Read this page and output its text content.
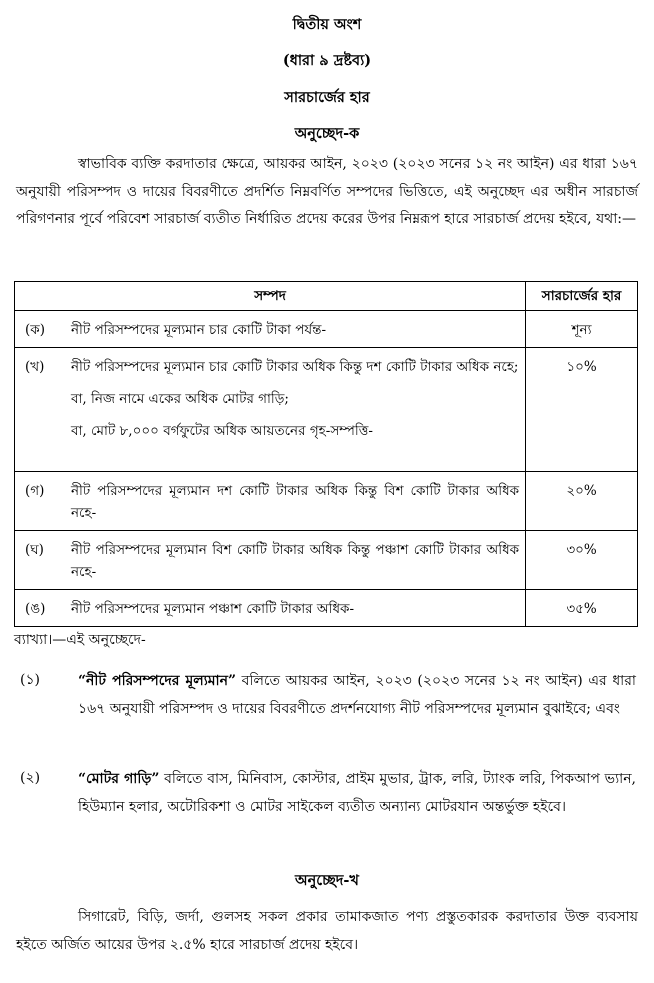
দ্বিতীয় অংশ
(ধারা ৯ দ্রষ্টব্য)
সারচার্জের হার
অনুচ্ছেদ-ক
স্বাভাবিক ব্যক্তি করদাতার ক্ষেত্রে, আয়কর আইন, ২০২৩ (২০২৩ সনের ১২ নং আইন) এর ধারা ১৬৭ অনুযায়ী পরিসম্পদ ও দায়ের বিবরণীতে প্রদর্শিত নিম্নবর্ণিত সম্পদের ভিত্তিতে, এই অনুচ্ছেদ এর অধীন সারচার্জ পরিগণনার পূর্বে পরিবেশ সারচার্জ ব্যতীত নির্ধারিত প্রদেয় করের উপর নিম্নরূপ হারে সারচার্জ প্রদেয় হইবে, যথা:—
সম্পদ	সারচার্জের হার

(ক) নীট পরিসম্পদের মূল্যমান চার কোটি টাকা পর্যন্ত-	শূন্য

(খ) নীট পরিসম্পদের মূল্যমান চার কোটি টাকার অধিক কিন্তু দশ কোটি টাকার অধিক নহে;

বা, নিজ নামে একের অধিক মোটর গাড়ি;

বা, মোট ৮,০০০ বর্গফুটের অধিক আয়তনের গৃহ-সম্পত্তি-	১০%

(গ) নীট পরিসম্পদের মূল্যমান দশ কোটি টাকার অধিক কিন্তু বিশ কোটি টাকার অধিক নহে-	২০%

(ঘ) নীট পরিসম্পদের মূল্যমান বিশ কোটি টাকার অধিক কিন্তু পঞ্চাশ কোটি টাকার অধিক নহে-	৩০%

(ঙ) নীট পরিসম্পদের মূল্যমান পঞ্চাশ কোটি টাকার অধিক-	৩৫%
ব্যাখ্যা।—এই অনুচ্ছেদে-
(১)	“নীট পরিসম্পদের মূল্যমান” বলিতে আয়কর আইন, ২০২৩ (২০২৩ সনের ১২ নং আইন) এর ধারা ১৬৭ অনুযায়ী পরিসম্পদ ও দায়ের বিবরণীতে প্রদর্শনযোগ্য নীট পরিসম্পদের মূল্যমান বুঝাইবে; এবং
(২)	“মোটর গাড়ি” বলিতে বাস, মিনিবাস, কোস্টার, প্রাইম মুভার, ট্রাক, লরি, ট্যাংক লরি, পিকআপ ভ্যান, হিউম্যান হলার, অটোরিকশা ও মোটর সাইকেল ব্যতীত অন্যান্য মোটরযান অন্তর্ভুক্ত হইবে।
অনুচ্ছেদ-খ
সিগারেট, বিড়ি, জর্দা, গুলসহ সকল প্রকার তামাকজাত পণ্য প্রস্তুতকারক করদাতার উক্ত ব্যবসায় হইতে অর্জিত আয়ের উপর ২.৫% হারে সারচার্জ প্রদেয় হইবে।
